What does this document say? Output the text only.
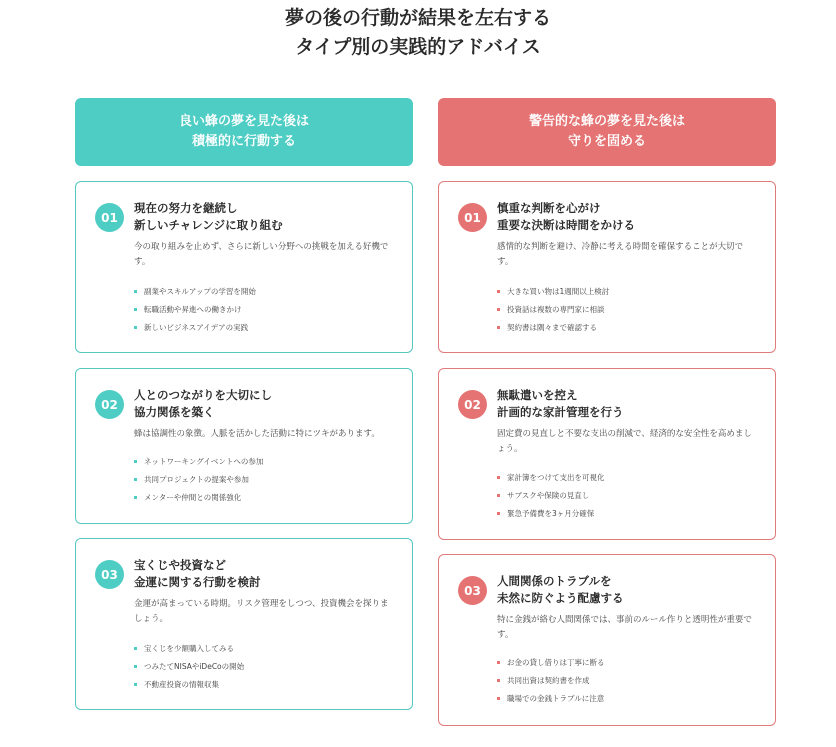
夢の後の行動が結果を左右する
タイプ別の実践的アドバイス
良い蜂の夢を見た後は
積極的に行動する
01
現在の努力を継続し
新しいチャレンジに取り組む
今の取り組みを止めず、さらに新しい分野への挑戦を加える好機です。
副業やスキルアップの学習を開始
転職活動や昇進への働きかけ
新しいビジネスアイデアの実践
02
人とのつながりを大切にし
協力関係を築く
蜂は協調性の象徴。人脈を活かした活動に特にツキがあります。
ネットワーキングイベントへの参加
共同プロジェクトの提案や参加
メンターや仲間との関係強化
03
宝くじや投資など
金運に関する行動を検討
金運が高まっている時期。リスク管理をしつつ、投資機会を探りましょう。
宝くじを少額購入してみる
つみたてNISAやiDeCoの開始
不動産投資の情報収集
警告的な蜂の夢を見た後は
守りを固める
01
慎重な判断を心がけ
重要な決断は時間をかける
感情的な判断を避け、冷静に考える時間を確保することが大切です。
大きな買い物は1週間以上検討
投資話は複数の専門家に相談
契約書は隅々まで確認する
02
無駄遣いを控え
計画的な家計管理を行う
固定費の見直しと不要な支出の削減で、経済的な安全性を高めましょう。
家計簿をつけて支出を可視化
サブスクや保険の見直し
緊急予備費を3ヶ月分確保
03
人間関係のトラブルを
未然に防ぐよう配慮する
特に金銭が絡む人間関係では、事前のルール作りと透明性が重要です。
お金の貸し借りは丁寧に断る
共同出資は契約書を作成
職場での金銭トラブルに注意
